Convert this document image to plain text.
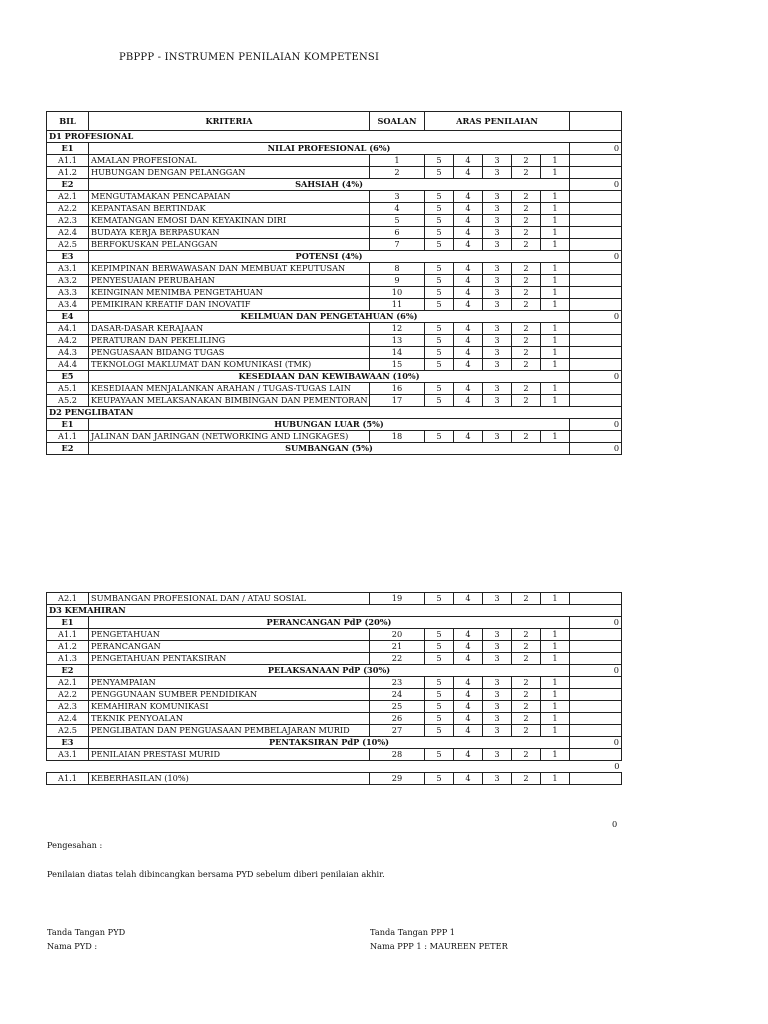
PBPPP - INSTRUMEN PENILAIAN KOMPETENSI
BIL	KRITERIA	SOALAN	ARAS PENILAIAN					
D1 PROFESIONAL								
E1	NILAI PROFESIONAL (6%)							0
A1.1	AMALAN PROFESIONAL	1	5	4	3	2	1	
A1.2	HUBUNGAN DENGAN PELANGGAN	2	5	4	3	2	1	
E2	SAHSIAH (4%)							0
A2.1	MENGUTAMAKAN PENCAPAIAN	3	5	4	3	2	1	
A2.2	KEPANTASAN BERTINDAK	4	5	4	3	2	1	
A2.3	KEMATANGAN EMOSI DAN KEYAKINAN DIRI	5	5	4	3	2	1	
A2.4	BUDAYA KERJA BERPASUKAN	6	5	4	3	2	1	
A2.5	BERFOKUSKAN PELANGGAN	7	5	4	3	2	1	
E3	POTENSI (4%)							0
A3.1	KEPIMPINAN BERWAWASAN DAN MEMBUAT KEPUTUSAN	8	5	4	3	2	1	
A3.2	PENYESUAIAN PERUBAHAN	9	5	4	3	2	1	
A3.3	KEINGINAN MENIMBA PENGETAHUAN	10	5	4	3	2	1	
A3.4	PEMIKIRAN KREATIF DAN INOVATIF	11	5	4	3	2	1	
E4	KEILMUAN DAN PENGETAHUAN (6%)							0
A4.1	DASAR-DASAR KERAJAAN	12	5	4	3	2	1	
A4.2	PERATURAN DAN PEKELILING	13	5	4	3	2	1	
A4.3	PENGUASAAN BIDANG TUGAS	14	5	4	3	2	1	
A4.4	TEKNOLOGI MAKLUMAT DAN KOMUNIKASI (TMK)	15	5	4	3	2	1	
E5	KESEDIAAN DAN KEWIBAWAAN (10%)							0
A5.1	KESEDIAAN MENJALANKAN ARAHAN / TUGAS-TUGAS LAIN	16	5	4	3	2	1	
A5.2	KEUPAYAAN MELAKSANAKAN BIMBINGAN DAN PEMENTORAN	17	5	4	3	2	1	
D2 PENGLIBATAN								
E1	HUBUNGAN LUAR (5%)							0
A1.1	JALINAN DAN JARINGAN (NETWORKING AND LINGKAGES)	18	5	4	3	2	1	
E2	SUMBANGAN (5%)							0
A2.1	SUMBANGAN PROFESIONAL DAN / ATAU SOSIAL	19	5	4	3	2	1	
D3 KEMAHIRAN								
E1	PERANCANGAN PdP (20%)							0
A1.1	PENGETAHUAN	20	5	4	3	2	1	
A1.2	PERANCANGAN	21	5	4	3	2	1	
A1.3	PENGETAHUAN PENTAKSIRAN	22	5	4	3	2	1	
E2	PELAKSANAAN PdP (30%)							0
A2.1	PENYAMPAIAN	23	5	4	3	2	1	
A2.2	PENGGUNAAN SUMBER PENDIDIKAN	24	5	4	3	2	1	
A2.3	KEMAHIRAN KOMUNIKASI	25	5	4	3	2	1	
A2.4	TEKNIK PENYOALAN	26	5	4	3	2	1	
A2.5	PENGLIBATAN DAN PENGUASAAN PEMBELAJARAN MURID	27	5	4	3	2	1	
E3	PENTAKSIRAN PdP (10%)							0
A3.1	PENILAIAN PRESTASI MURID	28	5	4	3	2	1	
								0
A1.1	KEBERHASILAN (10%)	29	5	4	3	2	1	
0
Pengesahan :
Penilaian diatas telah dibincangkan bersama PYD sebelum diberi penilaian akhir.
Tanda Tangan PYD
Nama PYD :
Tanda Tangan PPP 1
Nama PPP 1 : MAUREEN PETER
